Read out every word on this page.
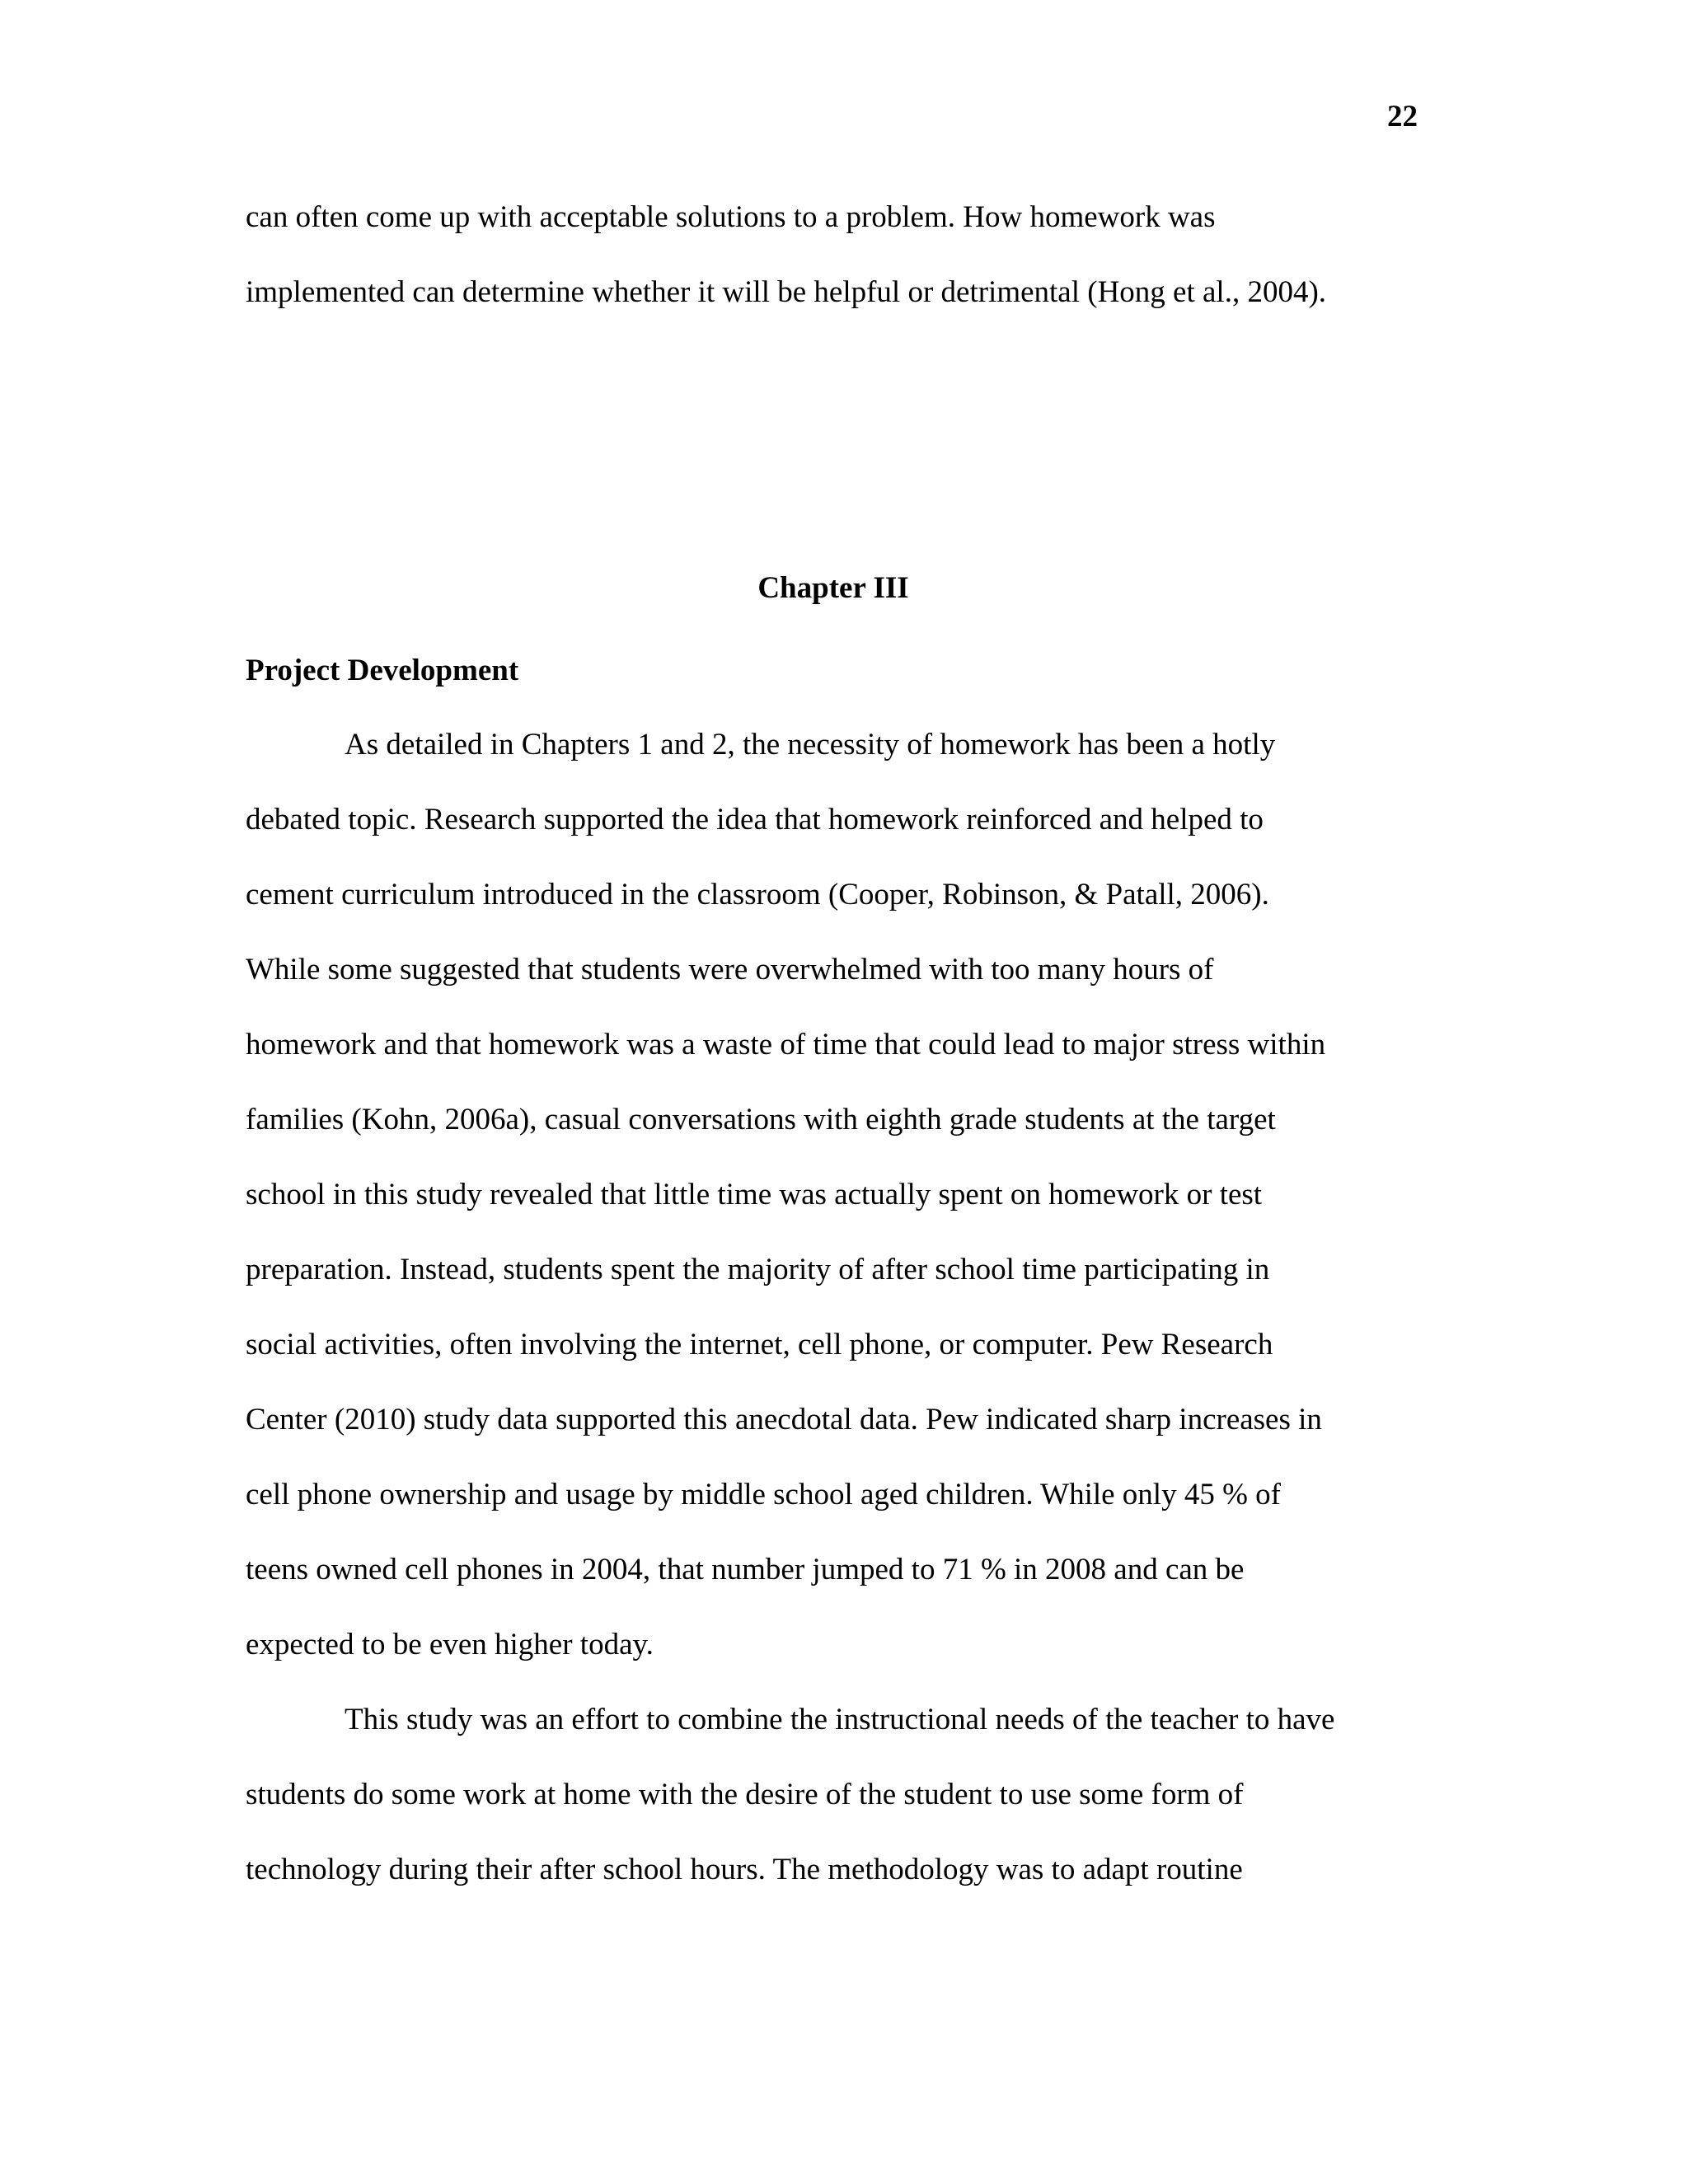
22
can often come up with acceptable solutions to a problem. How homework was
implemented can determine whether it will be helpful or detrimental (Hong et al., 2004).
Chapter III
Project Development
As detailed in Chapters 1 and 2, the necessity of homework has been a hotly
debated topic. Research supported the idea that homework reinforced and helped to
cement curriculum introduced in the classroom (Cooper, Robinson, & Patall, 2006).
While some suggested that students were overwhelmed with too many hours of
homework and that homework was a waste of time that could lead to major stress within
families (Kohn, 2006a), casual conversations with eighth grade students at the target
school in this study revealed that little time was actually spent on homework or test
preparation. Instead, students spent the majority of after school time participating in
social activities, often involving the internet, cell phone, or computer. Pew Research
Center (2010) study data supported this anecdotal data. Pew indicated sharp increases in
cell phone ownership and usage by middle school aged children. While only 45 % of
teens owned cell phones in 2004, that number jumped to 71 % in 2008 and can be
expected to be even higher today.
This study was an effort to combine the instructional needs of the teacher to have
students do some work at home with the desire of the student to use some form of
technology during their after school hours. The methodology was to adapt routine
